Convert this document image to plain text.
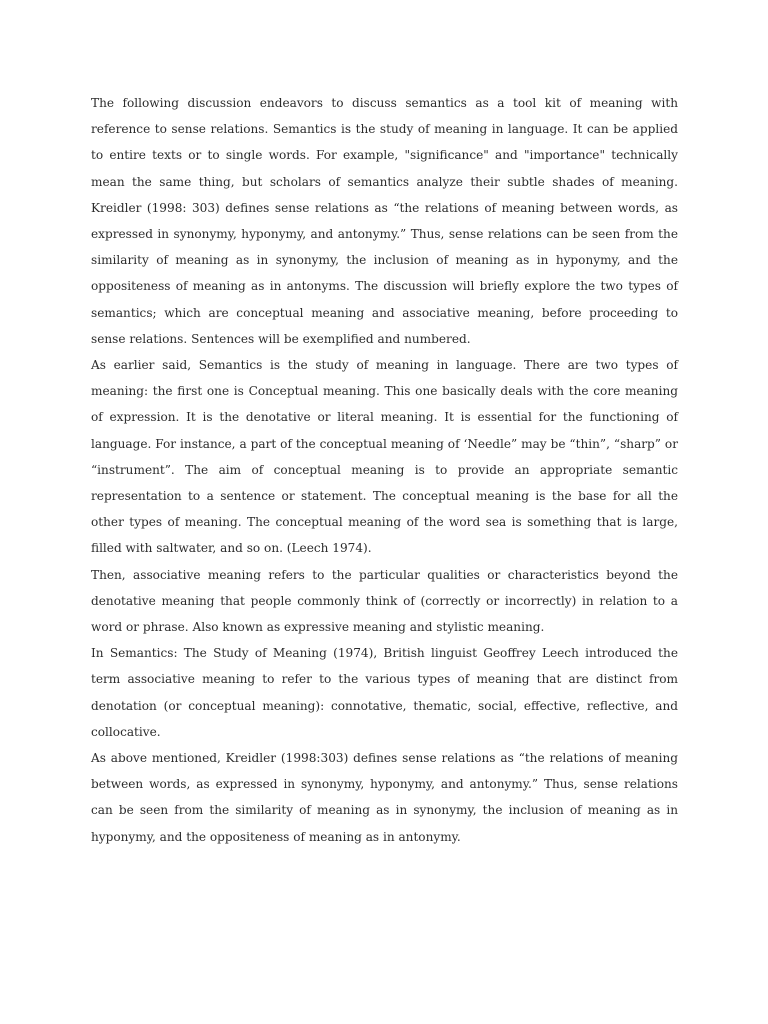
The following discussion endeavors to discuss semantics as a tool kit of meaning with reference to sense relations. Semantics is the study of meaning in language. It can be applied to entire texts or to single words. For example, "significance" and "importance" technically mean the same thing, but scholars of semantics analyze their subtle shades of meaning. Kreidler (1998: 303) defines sense relations as “the relations of meaning between words, as expressed in synonymy, hyponymy, and antonymy.” Thus, sense relations can be seen from the similarity of meaning as in synonymy, the inclusion of meaning as in hyponymy, and the oppositeness of meaning as in antonyms. The discussion will briefly explore the two types of semantics; which are conceptual meaning and associative meaning, before proceeding to sense relations. Sentences will be exemplified and numbered.

As earlier said, Semantics is the study of meaning in language. There are two types of meaning: the first one is Conceptual meaning. This one basically deals with the core meaning of expression. It is the denotative or literal meaning. It is essential for the functioning of language. For instance, a part of the conceptual meaning of ‘Needle” may be “thin”, “sharp” or “instrument”. The aim of conceptual meaning is to provide an appropriate semantic representation to a sentence or statement. The conceptual meaning is the base for all the other types of meaning. The conceptual meaning of the word sea is something that is large, filled with saltwater, and so on. (Leech 1974).

Then, associative meaning refers to the particular qualities or characteristics beyond the denotative meaning that people commonly think of (correctly or incorrectly) in relation to a word or phrase. Also known as expressive meaning and stylistic meaning.

In Semantics: The Study of Meaning (1974), British linguist Geoffrey Leech introduced the term associative meaning to refer to the various types of meaning that are distinct from denotation (or conceptual meaning): connotative, thematic, social, effective, reflective, and collocative.

As above mentioned, Kreidler (1998:303) defines sense relations as “the relations of meaning between words, as expressed in synonymy, hyponymy, and antonymy.” Thus, sense relations can be seen from the similarity of meaning as in synonymy, the inclusion of meaning as in hyponymy, and the oppositeness of meaning as in antonymy.
